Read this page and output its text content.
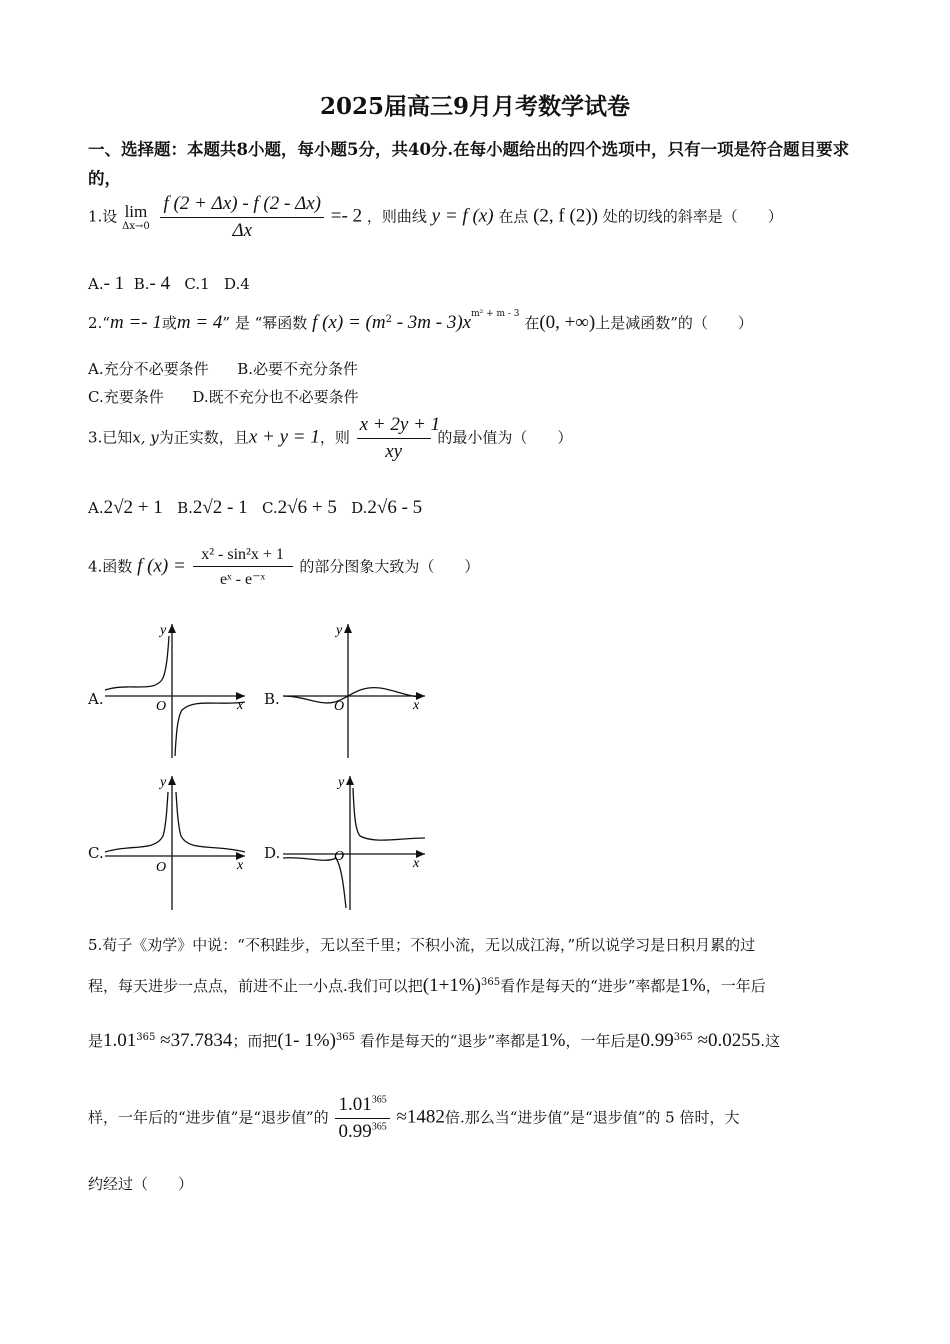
2025届高三9月月考数学试卷
一、选择题：本题共8小题，每小题5分，共40分.在每小题给出的四个选项中，只有一项是符合题目要求的，
1.设 lim
Δx→0
$\frac{f (2 + \Delta x) - f (2 - \Delta x)}{\Delta x} =- 2$ ，则曲线 y = f (x) 在点 (2, f (2)) 处的切线的斜率是（　　）
A.- 1 B.- 4 C.1 D.4
2.“m =- 1或m = 4” 是 “幂函数 f $(x) = (m^2 - 3m - 3)x^{m^2 + m - 3}$ 在(0, +∞)上是减函数”的（　　）
A.充分不必要条件 B.必要不充分条件
C.充要条件 D.既不充分也不必要条件
3.已知x, y为正实数，且x + y = 1，则 $\frac{x + 2y + 1}{xy}$ 的最小值为（　　）
A.2√2 + 1 B.2√2 - 1 C.2√6 + 5 D.2√6 - 5
4.函数 f $(x) = \frac{\text{x² - sin²x + 1}}{\text{eˣ - e⁻ˣ}}$ 的部分图象大致为（　　）
A.	B.
C.	D.
x
y
O	x
y
O
x
y
O	x
y
O
5.荀子《劝学》中说：“不积跬步，无以至千里；不积小流，无以成江海，”所以说学习是日积月累的过
程，每天进步一点点，前进不止一小点.我们可以把$(1+1\%)^{365}$看作是每天的“进步”率都是1%，一年后
是$1.01^{365} \approx 37.7834$；而把(1- 1%)$^{365}$ 看作是每天的“退步”率都是1%，一年后是$0.99^{365} \approx 0.0255$.这
样，一年后的“进步值”是“退步值”的 $\frac{1.01^{365}}{0.99^{365}} \approx 1482$倍.那么当“进步值”是“退步值”的 5 倍时，大
约经过（　　）
